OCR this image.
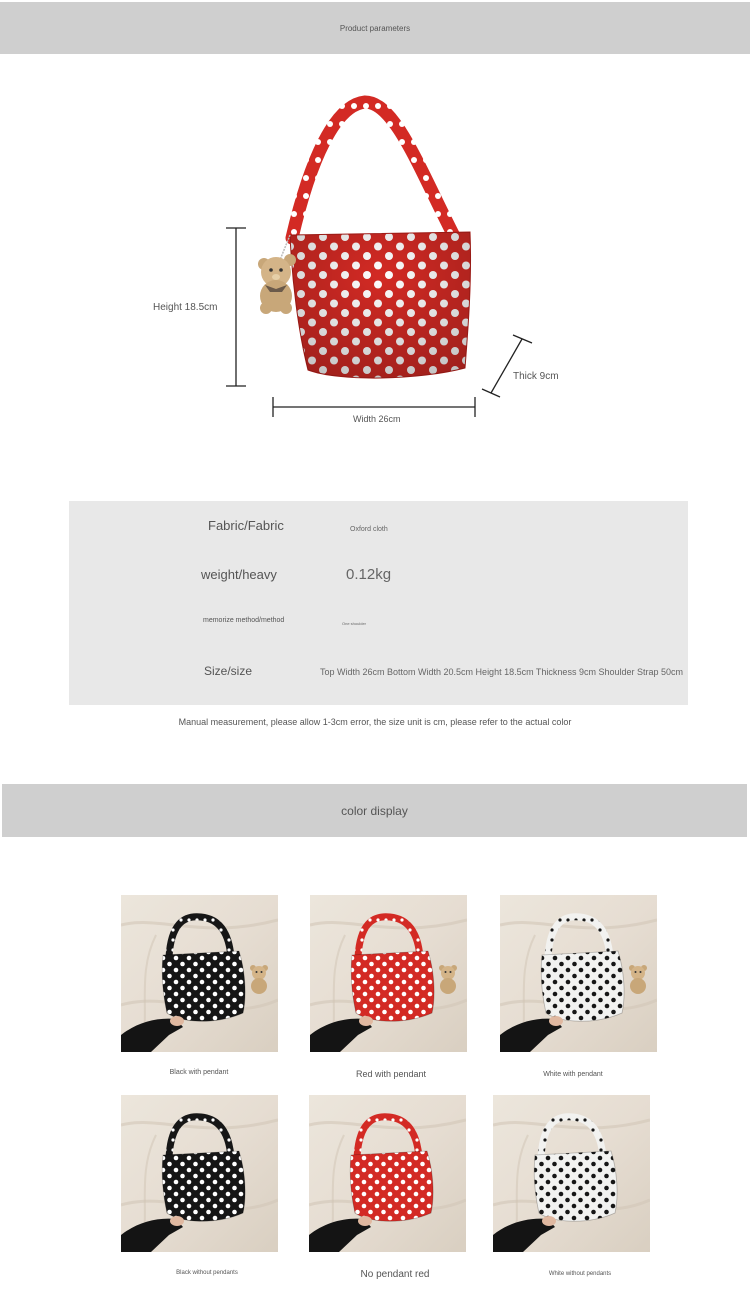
Product parameters
Height 18.5cm
Width 26cm
Thick 9cm
Fabric/Fabric	Oxford cloth
weight/heavy	0.12kg
memorize method/method	One shoulder
Size/size	Top Width 26cm Bottom Width 20.5cm Height 18.5cm Thickness 9cm Shoulder Strap 50cm
Manual measurement, please allow 1-3cm error, the size unit is cm, please refer to the actual color
color display
Black with pendant	Red with pendant	White with pendant
Black without pendants	No pendant red	White without pendants
